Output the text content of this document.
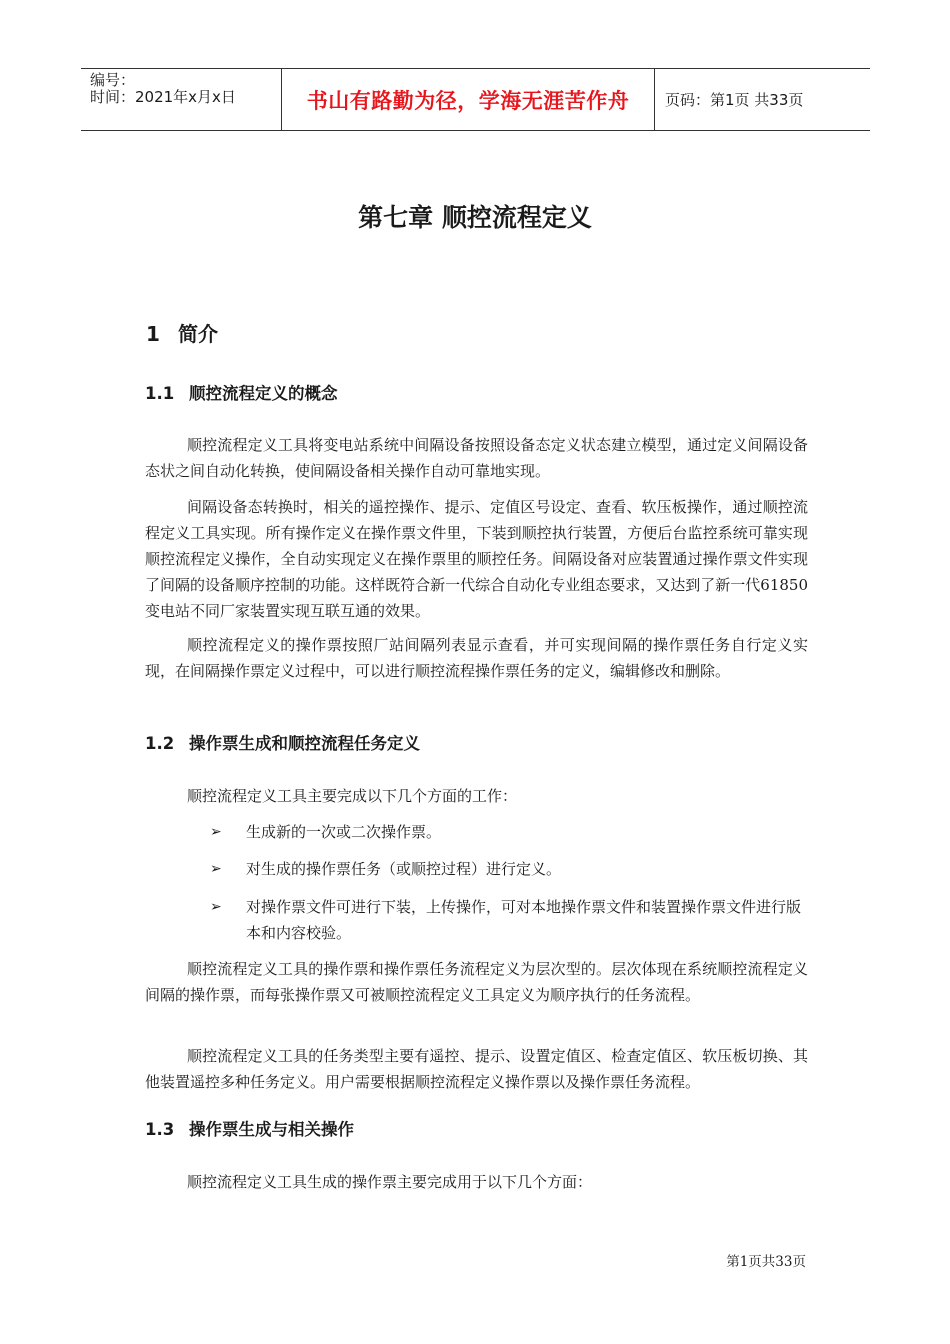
编号：
时间：2021年x月x日	书山有路勤为径，学海无涯苦作舟	页码：第1页 共33页
第七章 顺控流程定义
1 简介
1.1 顺控流程定义的概念

顺控流程定义工具将变电站系统中间隔设备按照设备态定义状态建立模型，通过定义间隔设备态状之间自动化转换，使间隔设备相关操作自动可靠地实现。

间隔设备态转换时，相关的遥控操作、提示、定值区号设定、查看、软压板操作，通过顺控流程定义工具实现。所有操作定义在操作票文件里，下装到顺控执行装置，方便后台监控系统可靠实现顺控流程定义操作，全自动实现定义在操作票里的顺控任务。间隔设备对应装置通过操作票文件实现了间隔的设备顺序控制的功能。这样既符合新一代综合自动化专业组态要求，又达到了新一代61850变电站不同厂家装置实现互联互通的效果。

顺控流程定义的操作票按照厂站间隔列表显示查看，并可实现间隔的操作票任务自行定义实现，在间隔操作票定义过程中，可以进行顺控流程操作票任务的定义，编辑修改和删除。

1.2 操作票生成和顺控流程任务定义

顺控流程定义工具主要完成以下几个方面的工作：

➢ 生成新的一次或二次操作票。
➢ 对生成的操作票任务（或顺控过程）进行定义。
➢ 对操作票文件可进行下装，上传操作，可对本地操作票文件和装置操作票文件进行版本和内容校验。

顺控流程定义工具的操作票和操作票任务流程定义为层次型的。层次体现在系统顺控流程定义间隔的操作票，而每张操作票又可被顺控流程定义工具定义为顺序执行的任务流程。

顺控流程定义工具的任务类型主要有遥控、提示、设置定值区、检查定值区、软压板切换、其他装置遥控多种任务定义。用户需要根据顺控流程定义操作票以及操作票任务流程。

1.3 操作票生成与相关操作

顺控流程定义工具生成的操作票主要完成用于以下几个方面：

第1页共33页
